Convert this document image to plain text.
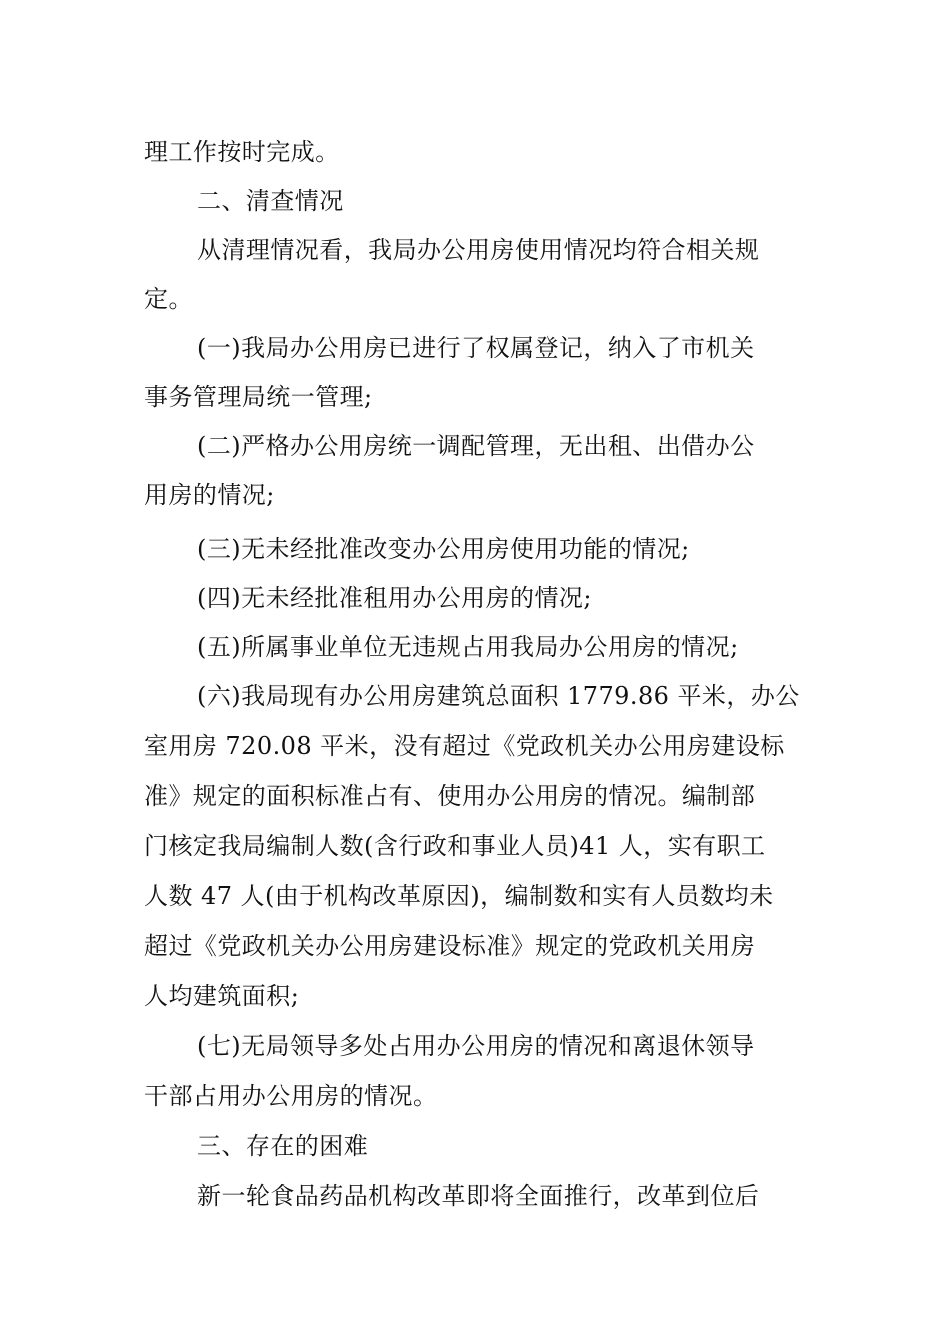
理工作按时完成。
二、清查情况
从清理情况看，我局办公用房使用情况均符合相关规
定。
(一)我局办公用房已进行了权属登记，纳入了市机关
事务管理局统一管理;
(二)严格办公用房统一调配管理，无出租、出借办公
用房的情况;
(三)无未经批准改变办公用房使用功能的情况;
(四)无未经批准租用办公用房的情况;
(五)所属事业单位无违规占用我局办公用房的情况;
(六)我局现有办公用房建筑总面积 1779.86 平米，办公
室用房 720.08 平米，没有超过《党政机关办公用房建设标
准》规定的面积标准占有、使用办公用房的情况。编制部
门核定我局编制人数(含行政和事业人员)41 人，实有职工
人数 47 人(由于机构改革原因)，编制数和实有人员数均未
超过《党政机关办公用房建设标准》规定的党政机关用房
人均建筑面积;
(七)无局领导多处占用办公用房的情况和离退休领导
干部占用办公用房的情况。
三、存在的困难
新一轮食品药品机构改革即将全面推行，改革到位后
